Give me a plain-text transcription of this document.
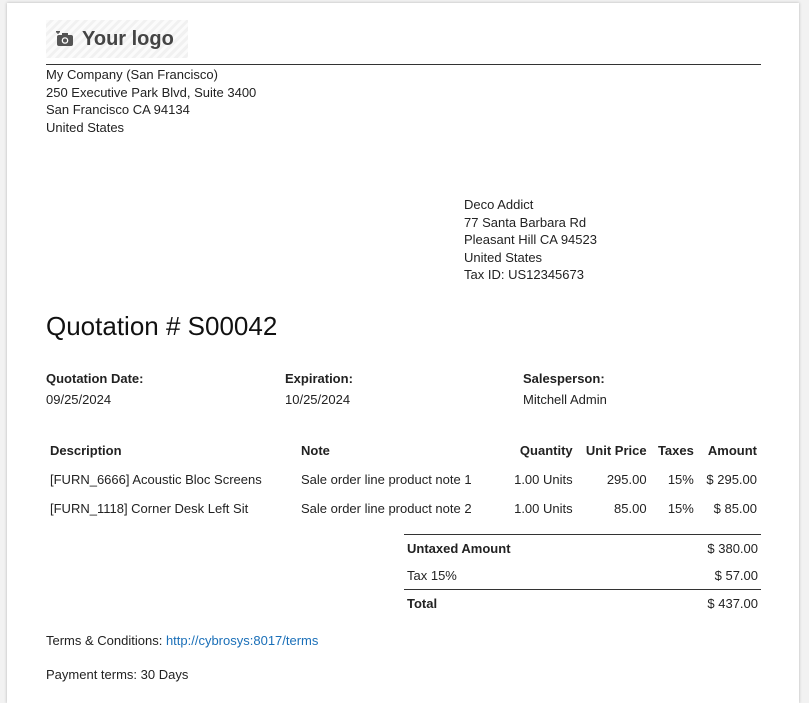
Your logo
My Company (San Francisco)
250 Executive Park Blvd, Suite 3400
San Francisco CA 94134
United States
Deco Addict
77 Santa Barbara Rd
Pleasant Hill CA 94523
United States
Tax ID: US12345673
Quotation # S00042
Quotation Date:
09/25/2024
Expiration:
10/25/2024
Salesperson:
Mitchell Admin
Description	Note	Quantity	Unit Price	Taxes	Amount
[FURN_6666] Acoustic Bloc Screens	Sale order line product note 1	1.00 Units	295.00	15%	$ 295.00
[FURN_1118] Corner Desk Left Sit	Sale order line product note 2	1.00 Units	85.00	15%	$ 85.00
Untaxed Amount	$ 380.00
Tax 15%	$ 57.00
Total	$ 437.00
Terms & Conditions: http://cybrosys:8017/terms
Payment terms: 30 Days
